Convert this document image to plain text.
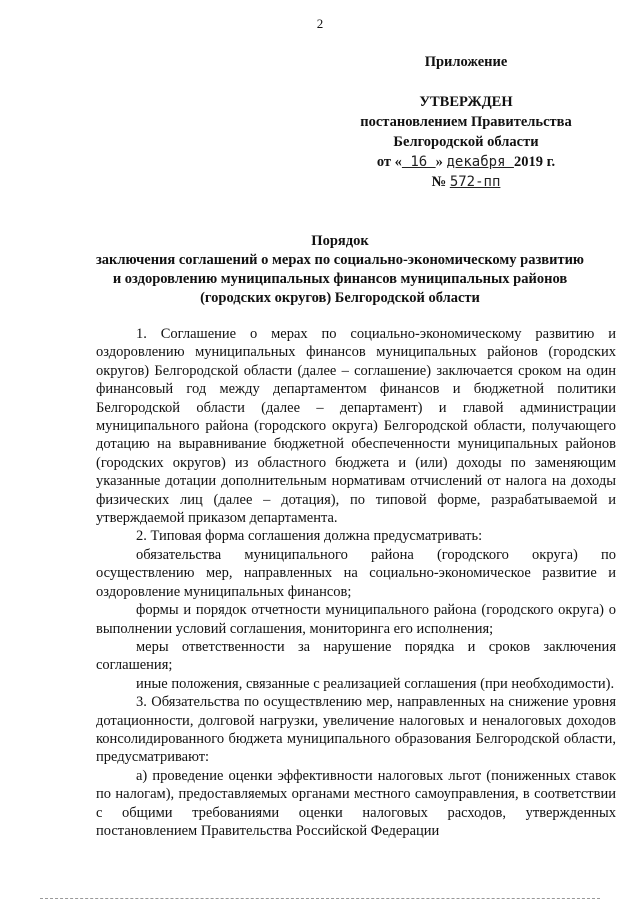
2
Приложение
УТВЕРЖДЕН
постановлением Правительства
Белгородской области
от « 16 » декабря 2019 г.
№ 572-пп
Порядок
заключения соглашений о мерах по социально-экономическому развитию
и оздоровлению муниципальных финансов муниципальных районов
(городских округов) Белгородской области

1. Соглашение о мерах по социально-экономическому развитию и оздоровлению муниципальных финансов муниципальных районов (городских округов) Белгородской области (далее – соглашение) заключается сроком на один финансовый год между департаментом финансов и бюджетной политики Белгородской области (далее – департамент) и главой администрации муниципального района (городского округа) Белгородской области, получающего дотацию на выравнивание бюджетной обеспеченности муниципальных районов (городских округов) из областного бюджета и (или) доходы по заменяющим указанные дотации дополнительным нормативам отчислений от налога на доходы физических лиц (далее – дотация), по типовой форме, разрабатываемой и утверждаемой приказом департамента.

2. Типовая форма соглашения должна предусматривать:

обязательства муниципального района (городского округа) по осуществлению мер, направленных на социально-экономическое развитие и оздоровление муниципальных финансов;

формы и порядок отчетности муниципального района (городского округа) о выполнении условий соглашения, мониторинга его исполнения;

меры ответственности за нарушение порядка и сроков заключения соглашения;

иные положения, связанные с реализацией соглашения (при необходимости).

3. Обязательства по осуществлению мер, направленных на снижение уровня дотационности, долговой нагрузки, увеличение налоговых и неналоговых доходов консолидированного бюджета муниципального образования Белгородской области, предусматривают:

а) проведение оценки эффективности налоговых льгот (пониженных ставок по налогам), предоставляемых органами местного самоуправления, в соответствии с общими требованиями оценки налоговых расходов, утвержденных постановлением Правительства Российской Федерации
